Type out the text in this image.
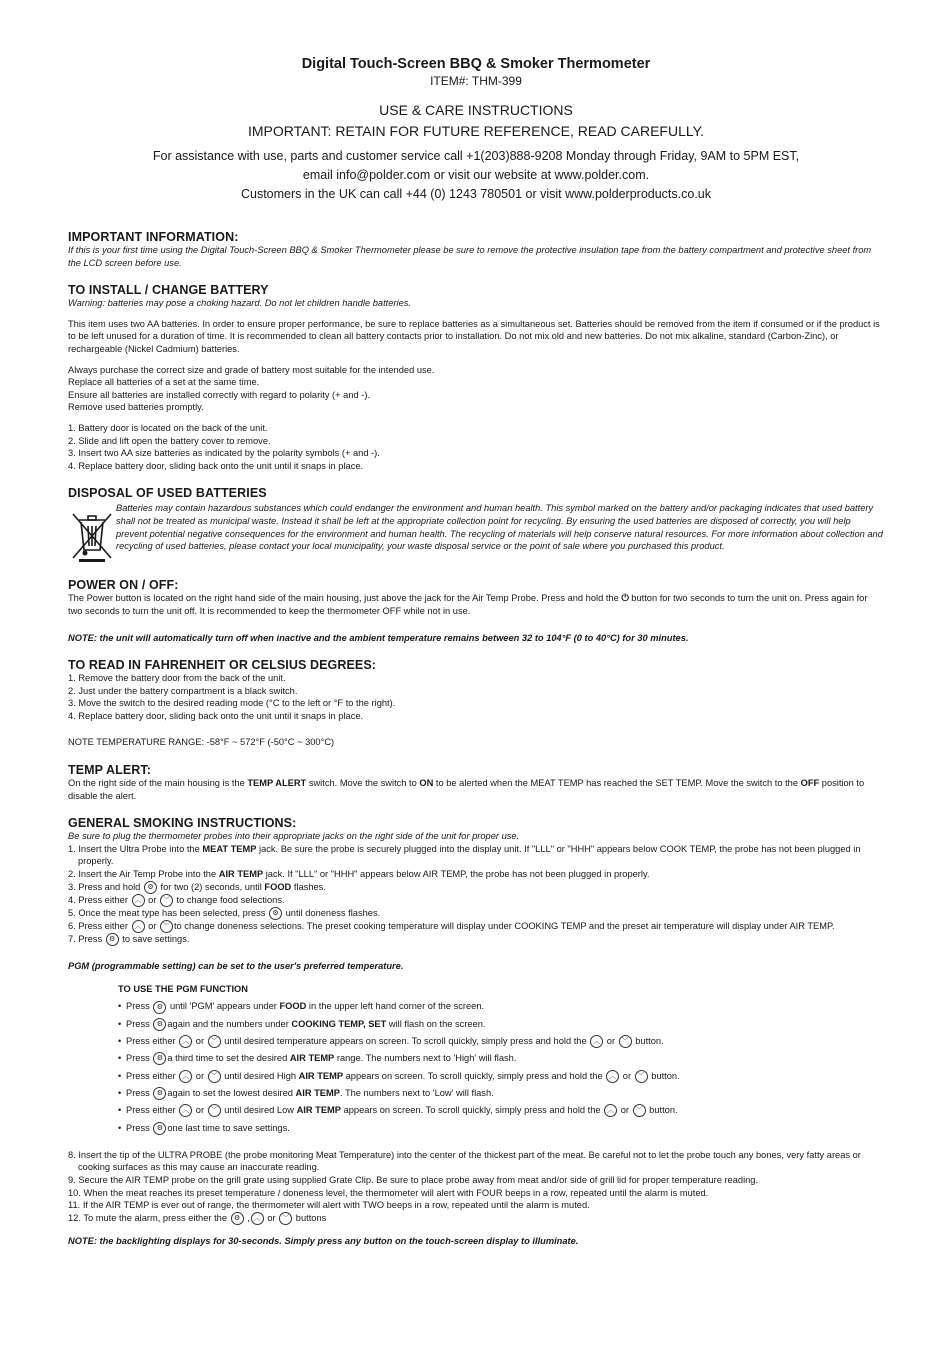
Digital Touch-Screen BBQ & Smoker Thermometer
ITEM#: THM-399
USE & CARE INSTRUCTIONS
IMPORTANT: RETAIN FOR FUTURE REFERENCE, READ CAREFULLY.
For assistance with use, parts and customer service call +1(203)888-9208 Monday through Friday, 9AM to 5PM EST,
email info@polder.com or visit our website at www.polder.com.
Customers in the UK can call +44 (0) 1243 780501 or visit www.polderproducts.co.uk
IMPORTANT INFORMATION:

If this is your first time using the Digital Touch-Screen BBQ & Smoker Thermometer please be sure to remove the protective insulation tape from the battery compartment and protective sheet from the LCD screen before use.

TO INSTALL / CHANGE BATTERY

Warning: batteries may pose a choking hazard. Do not let children handle batteries.

This item uses two AA batteries. In order to ensure proper performance, be sure to replace batteries as a simultaneous set. Batteries should be removed from the item if consumed or if the product is to be left unused for a duration of time. It is recommended to clean all battery contacts prior to installation. Do not mix old and new batteries. Do not mix alkaline, standard (Carbon-Zinc), or rechargeable (Nickel Cadmium) batteries.

Always purchase the correct size and grade of battery most suitable for the intended use.

Replace all batteries of a set at the same time.

Ensure all batteries are installed correctly with regard to polarity (+ and -).

Remove used batteries promptly.

1. Battery door is located on the back of the unit.
2. Slide and lift open the battery cover to remove.
3. Insert two AA size batteries as indicated by the polarity symbols (+ and -).
4. Replace battery door, sliding back onto the unit until it snaps in place.
DISPOSAL OF USED BATTERIES

Batteries may contain hazardous substances which could endanger the environment and human health. This symbol marked on the battery and/or packaging indicates that used battery shall not be treated as municipal waste. Instead it shall be left at the appropriate collection point for recycling. By ensuring the used batteries are disposed of correctly, you will help prevent potential negative consequences for the environment and human health. The recycling of materials will help conserve natural resources. For more information about collection and recycling of used batteries, please contact your local municipality, your waste disposal service or the point of sale where you purchased this product.

POWER ON / OFF:

The Power button is located on the right hand side of the main housing, just above the jack for the Air Temp Probe. Press and hold the ⏻ button for two seconds to turn the unit on. Press again for two seconds to turn the unit off. It is recommended to keep the thermometer OFF while not in use.

NOTE: the unit will automatically turn off when inactive and the ambient temperature remains between 32 to 104°F (0 to 40°C) for 30 minutes.

TO READ IN FAHRENHEIT OR CELSIUS DEGREES:
1. Remove the battery door from the back of the unit.
2. Just under the battery compartment is a black switch.
3. Move the switch to the desired reading mode (°C to the left or °F to the right).
4. Replace battery door, sliding back onto the unit until it snaps in place.

NOTE TEMPERATURE RANGE: -58°F ~ 572°F (-50°C ~ 300°C)

TEMP ALERT:

On the right side of the main housing is the TEMP ALERT switch. Move the switch to ON to be alerted when the MEAT TEMP has reached the SET TEMP. Move the switch to the OFF position to disable the alert.

GENERAL SMOKING INSTRUCTIONS:

Be sure to plug the thermometer probes into their appropriate jacks on the right side of the unit for proper use.

1. Insert the Ultra Probe into the MEAT TEMP jack. Be sure the probe is securely plugged into the display unit. If "LLL" or "HHH" appears below COOK TEMP, the probe has not been plugged in properly.
2. Insert the Air Temp Probe into the AIR TEMP jack. If "LLL" or "HHH" appears below AIR TEMP, the probe has not been plugged in properly.
3. Press and hold ⚙ for two (2) seconds, until FOOD flashes.
4. Press either ︿ or ﹀ to change food selections.
5. Once the meat type has been selected, press ⚙ until doneness flashes.
6. Press either ︿ or ﹀ to change doneness selections. The preset cooking temperature will display under COOKING TEMP and the preset air temperature will display under AIR TEMP.
7. Press ⚙ to save settings.

PGM (programmable setting) can be set to the user's preferred temperature.

TO USE THE PGM FUNCTION
• Press ⚙ until 'PGM' appears under FOOD in the upper left hand corner of the screen.
• Press ⚙ again and the numbers under COOKING TEMP, SET will flash on the screen.
• Press either ︿ or ﹀ until desired temperature appears on screen. To scroll quickly, simply press and hold the ︿ or ﹀ button.
• Press ⚙ a third time to set the desired AIR TEMP range. The numbers next to 'High' will flash.
• Press either ︿ or ﹀ until desired High AIR TEMP appears on screen. To scroll quickly, simply press and hold the ︿ or ﹀ button.
• Press ⚙ again to set the lowest desired AIR TEMP. The numbers next to 'Low' will flash.
• Press either ︿ or ﹀ until desired Low AIR TEMP appears on screen. To scroll quickly, simply press and hold the ︿ or ﹀ button.
• Press ⚙ one last time to save settings.
8. Insert the tip of the ULTRA PROBE (the probe monitoring Meat Temperature) into the center of the thickest part of the meat. Be careful not to let the probe touch any bones, very fatty areas or cooking surfaces as this may cause an inaccurate reading.
9. Secure the AIR TEMP probe on the grill grate using supplied Grate Clip. Be sure to place probe away from meat and/or side of grill lid for proper temperature reading.
10. When the meat reaches its preset temperature / doneness level, the thermometer will alert with FOUR beeps in a row, repeated until the alarm is muted.
11. If the AIR TEMP is ever out of range, the thermometer will alert with TWO beeps in a row, repeated until the alarm is muted.
12. To mute the alarm, press either the ⚙ , ︿ or ﹀ buttons

NOTE: the backlighting displays for 30-seconds. Simply press any button on the touch-screen display to illuminate.
